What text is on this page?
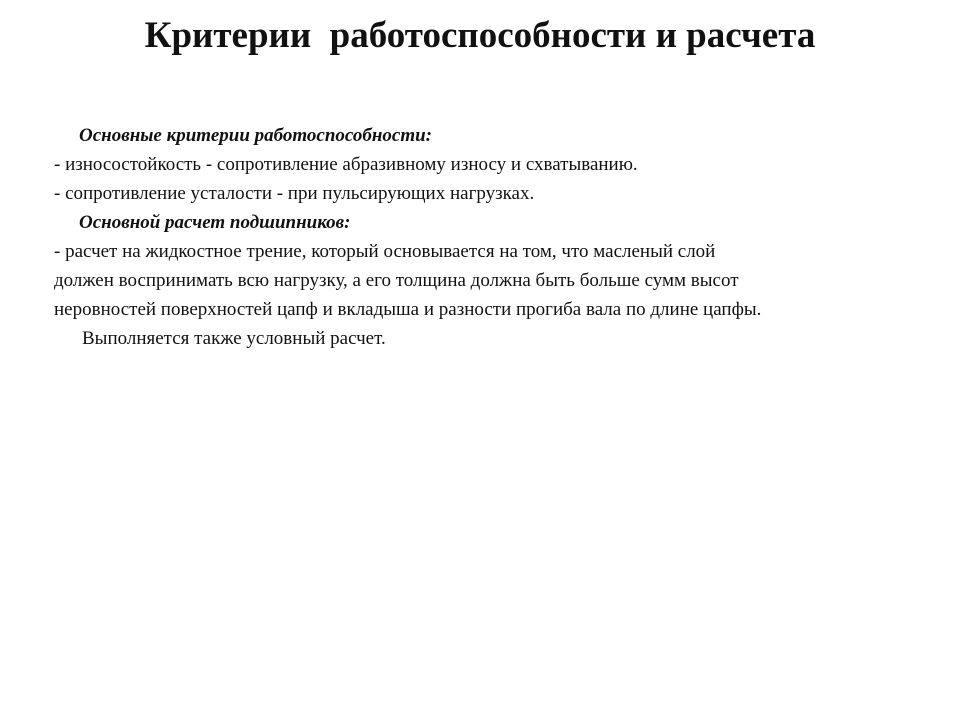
Критерии  работоспособности и расчета

Основные критерии работоспособности:

- износостойкость - сопротивление абразивному износу и схватыванию.

- сопротивление усталости - при пульсирующих нагрузках.

Основной расчет подшипников:

- расчет на жидкостное трение, который основывается на том, что масленый слой

должен воспринимать всю нагрузку, а его толщина должна быть больше сумм высот

неровностей поверхностей цапф и вкладыша и разности прогиба вала по длине цапфы.

Выполняется также условный расчет.
